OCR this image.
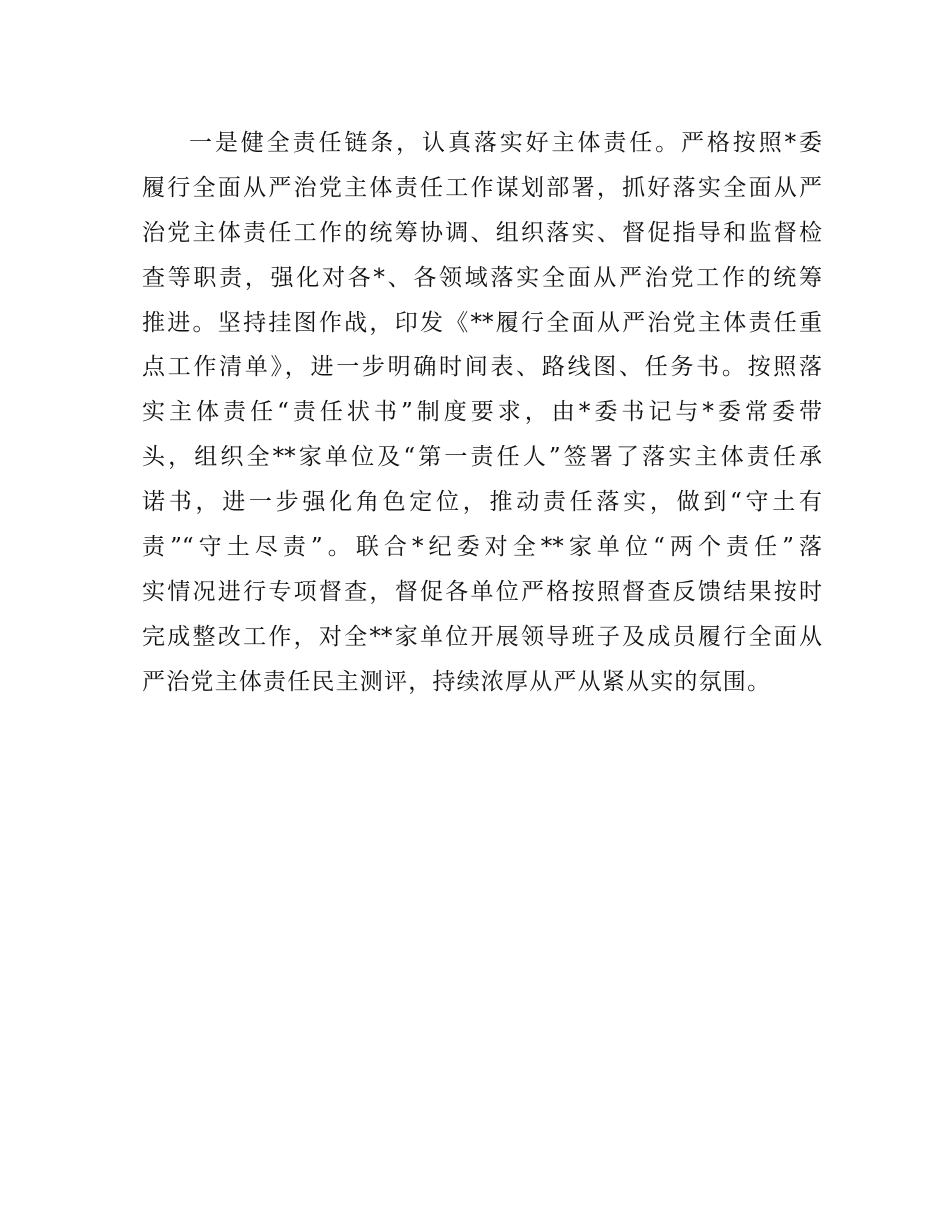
一是健全责任链条，认真落实好主体责任。严格按照*委
履行全面从严治党主体责任工作谋划部署，抓好落实全面从严
治党主体责任工作的统筹协调、组织落实、督促指导和监督检
查等职责，强化对各*、各领域落实全面从严治党工作的统筹
推进。坚持挂图作战，印发《**履行全面从严治党主体责任重
点工作清单》，进一步明确时间表、路线图、任务书。按照落
实主体责任“责任状书”制度要求，由*委书记与*委常委带
头，组织全**家单位及“第一责任人”签署了落实主体责任承
诺书，进一步强化角色定位，推动责任落实，做到“守土有
责”“守土尽责”。联合*纪委对全**家单位“两个责任”落
实情况进行专项督查，督促各单位严格按照督查反馈结果按时
完成整改工作，对全**家单位开展领导班子及成员履行全面从
严治党主体责任民主测评，持续浓厚从严从紧从实的氛围。
